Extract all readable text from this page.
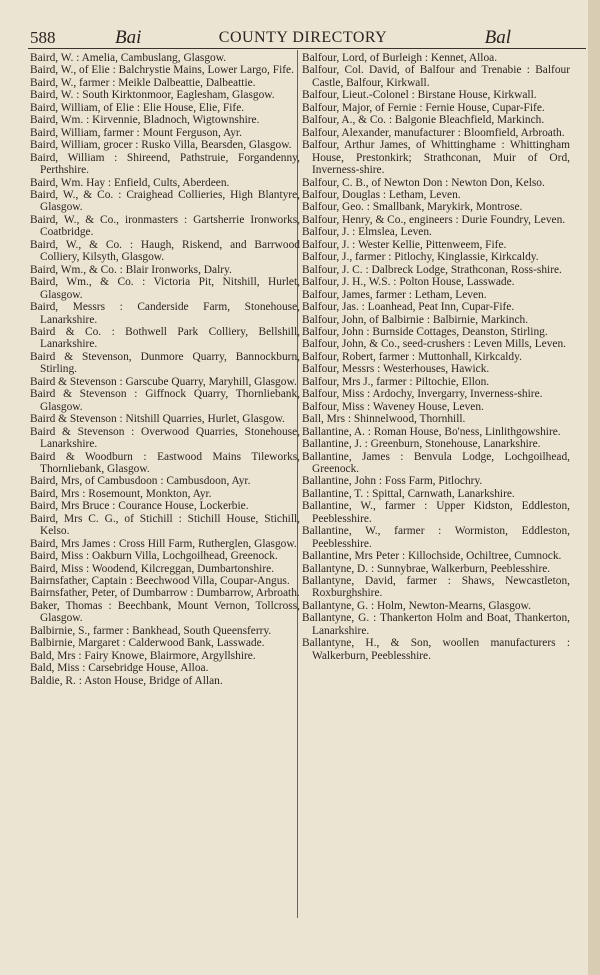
588	Bai	COUNTY DIRECTORY	Bal

Baird, W. : Amelia, Cambuslang, Glasgow.

Baird, W., of Elie : Balchrystie Mains, Lower Largo, Fife.

Baird, W., farmer : Meikle Dalbeattie, Dalbeattie.

Baird, W. : South Kirktonmoor, Eaglesham, Glasgow.

Baird, William, of Elie : Elie House, Elie, Fife.

Baird, Wm. : Kirvennie, Bladnoch, Wigtownshire.

Baird, William, farmer : Mount Ferguson, Ayr.

Baird, William, grocer : Rusko Villa, Bearsden, Glasgow.

Baird, William : Shireend, Pathstruie, Forgandenny, Perthshire.

Baird, Wm. Hay : Enfield, Cults, Aberdeen.

Baird, W., & Co. : Craighead Collieries, High Blantyre, Glasgow.

Baird, W., & Co., ironmasters : Gartsherrie Ironworks, Coatbridge.

Baird, W., & Co. : Haugh, Riskend, and Barrwood Colliery, Kilsyth, Glasgow.

Baird, Wm., & Co. : Blair Ironworks, Dalry.

Baird, Wm., & Co. : Victoria Pit, Nitshill, Hurlet, Glasgow.

Baird, Messrs : Canderside Farm, Stonehouse, Lanarkshire.

Baird & Co. : Bothwell Park Colliery, Bellshill, Lanarkshire.

Baird & Stevenson, Dunmore Quarry, Bannockburn, Stirling.

Baird & Stevenson : Garscube Quarry, Maryhill, Glasgow.

Baird & Stevenson : Giffnock Quarry, Thornliebank, Glasgow.

Baird & Stevenson : Nitshill Quarries, Hurlet, Glasgow.

Baird & Stevenson : Overwood Quarries, Stonehouse, Lanarkshire.

Baird & Woodburn : Eastwood Mains Tileworks, Thornliebank, Glasgow.

Baird, Mrs, of Cambusdoon : Cambusdoon, Ayr.

Baird, Mrs : Rosemount, Monkton, Ayr.

Baird, Mrs Bruce : Courance House, Lockerbie.

Baird, Mrs C. G., of Stichill : Stichill House, Stichill, Kelso.

Baird, Mrs James : Cross Hill Farm, Rutherglen, Glasgow.

Baird, Miss : Oakburn Villa, Lochgoilhead, Greenock.

Baird, Miss : Woodend, Kilcreggan, Dumbartonshire.

Bairnsfather, Captain : Beechwood Villa, Coupar-Angus.

Bairnsfather, Peter, of Dumbarrow : Dumbarrow, Arbroath.

Baker, Thomas : Beechbank, Mount Vernon, Tollcross, Glasgow.

Balbirnie, S., farmer : Bankhead, South Queensferry.

Balbirnie, Margaret : Calderwood Bank, Lasswade.

Bald, Mrs : Fairy Knowe, Blairmore, Argyllshire.

Bald, Miss : Carsebridge House, Alloa.

Baldie, R. : Aston House, Bridge of Allan.

Balfour, Lord, of Burleigh : Kennet, Alloa.

Balfour, Col. David, of Balfour and Trenabie : Balfour Castle, Balfour, Kirkwall.

Balfour, Lieut.-Colonel : Birstane House, Kirkwall.

Balfour, Major, of Fernie : Fernie House, Cupar-Fife.

Balfour, A., & Co. : Balgonie Bleachfield, Markinch.

Balfour, Alexander, manufacturer : Bloomfield, Arbroath.

Balfour, Arthur James, of Whittinghame : Whittingham House, Prestonkirk; Strathconan, Muir of Ord, Inverness-shire.

Balfour, C. B., of Newton Don : Newton Don, Kelso.

Balfour, Douglas : Letham, Leven.

Balfour, Geo. : Smallbank, Marykirk, Montrose.

Balfour, Henry, & Co., engineers : Durie Foundry, Leven.

Balfour, J. : Elmslea, Leven.

Balfour, J. : Wester Kellie, Pittenweem, Fife.

Balfour, J., farmer : Pitlochy, Kinglassie, Kirkcaldy.

Balfour, J. C. : Dalbreck Lodge, Strathconan, Ross-shire.

Balfour, J. H., W.S. : Polton House, Lasswade.

Balfour, James, farmer : Letham, Leven.

Balfour, Jas. : Loanhead, Peat Inn, Cupar-Fife.

Balfour, John, of Balbirnie : Balbirnie, Markinch.

Balfour, John : Burnside Cottages, Deanston, Stirling.

Balfour, John, & Co., seed-crushers : Leven Mills, Leven.

Balfour, Robert, farmer : Muttonhall, Kirkcaldy.

Balfour, Messrs : Westerhouses, Hawick.

Balfour, Mrs J., farmer : Piltochie, Ellon.

Balfour, Miss : Ardochy, Invergarry, Inverness-shire.

Balfour, Miss : Waveney House, Leven.

Ball, Mrs : Shinnelwood, Thornhill.

Ballantine, A. : Roman House, Bo'ness, Linlithgowshire.

Ballantine, J. : Greenburn, Stonehouse, Lanarkshire.

Ballantine, James : Benvula Lodge, Lochgoilhead, Greenock.

Ballantine, John : Foss Farm, Pitlochry.

Ballantine, T. : Spittal, Carnwath, Lanarkshire.

Ballantine, W., farmer : Upper Kidston, Eddleston, Peeblesshire.

Ballantine, W., farmer : Wormiston, Eddleston, Peeblesshire.

Ballantine, Mrs Peter : Killochside, Ochiltree, Cumnock.

Ballantyne, D. : Sunnybrae, Walkerburn, Peeblesshire.

Ballantyne, David, farmer : Shaws, Newcastleton, Roxburghshire.

Ballantyne, G. : Holm, Newton-Mearns, Glasgow.

Ballantyne, G. : Thankerton Holm and Boat, Thankerton, Lanarkshire.

Ballantyne, H., & Son, woollen manufacturers : Walkerburn, Peeblesshire.
